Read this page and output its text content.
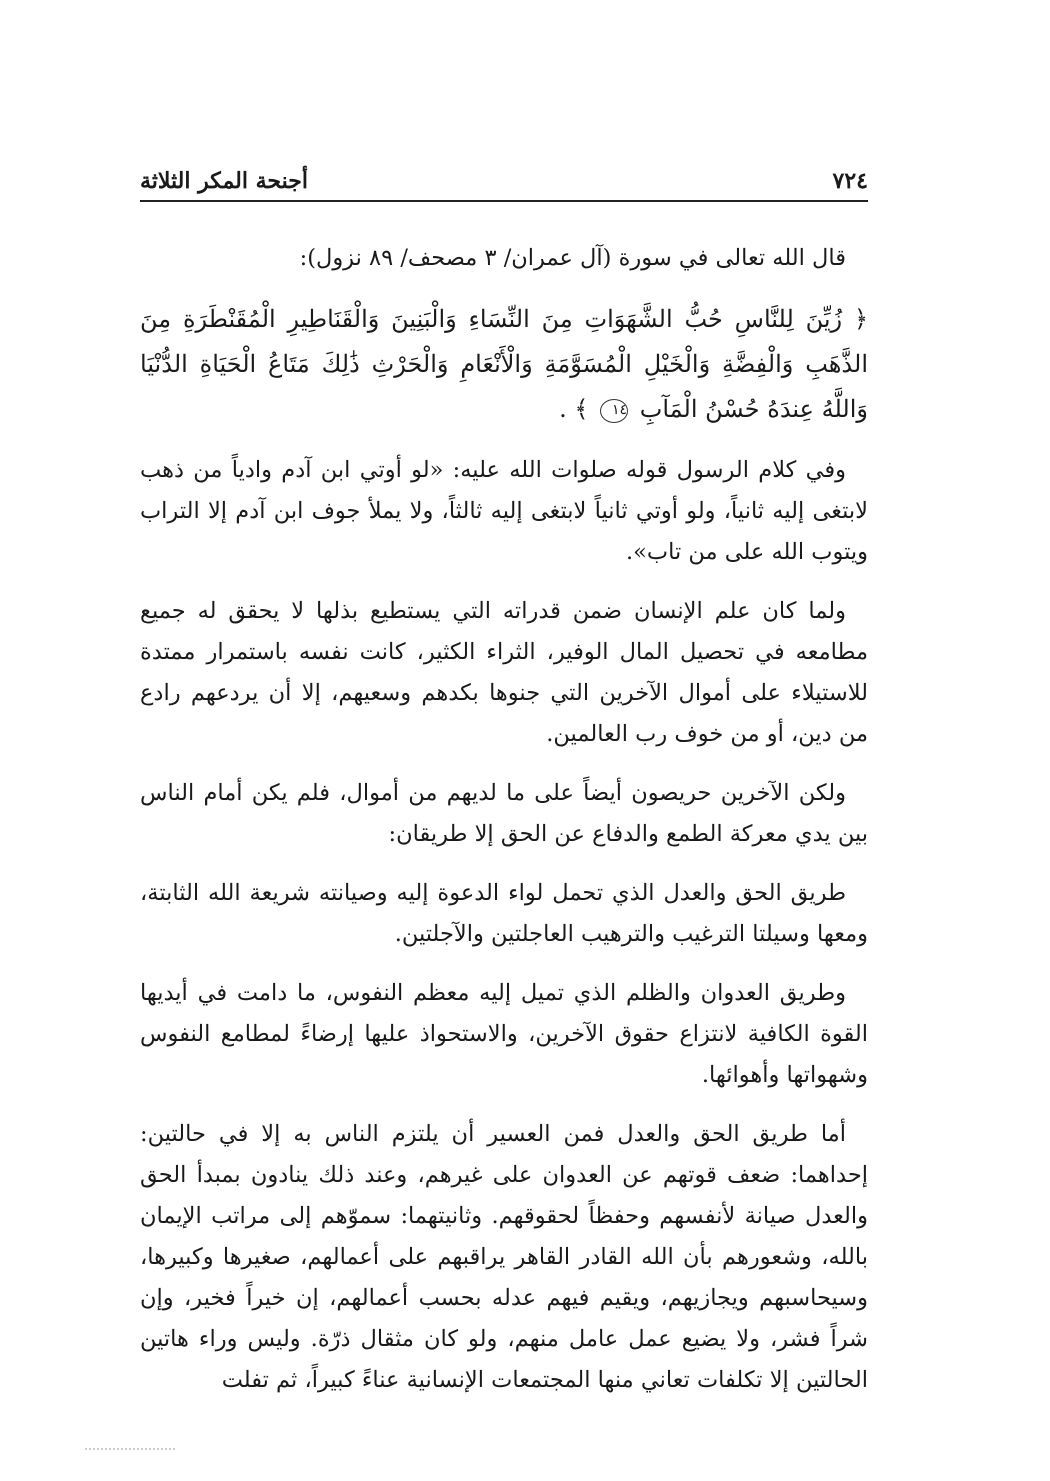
٧٢٤
أجنحة المكر الثلاثة

قال الله تعالى في سورة (آل عمران/ ٣ مصحف/ ٨٩ نزول):

﴿ زُيِّنَ لِلنَّاسِ حُبُّ الشَّهَوَاتِ مِنَ النِّسَاءِ وَالْبَنِينَ وَالْقَنَاطِيرِ الْمُقَنْطَرَةِ مِنَ الذَّهَبِ وَالْفِضَّةِ وَالْخَيْلِ الْمُسَوَّمَةِ وَالْأَنْعَامِ وَالْحَرْثِ ذَٰلِكَ مَتَاعُ الْحَيَاةِ الدُّنْيَا وَاللَّهُ عِندَهُ حُسْنُ الْمَآبِ ١٤ ﴾ .

وفي كلام الرسول قوله صلوات الله عليه: «لو أوتي ابن آدم وادياً من ذهب لابتغى إليه ثانياً، ولو أوتي ثانياً لابتغى إليه ثالثاً، ولا يملأ جوف ابن آدم إلا التراب ويتوب الله على من تاب».

ولما كان علم الإنسان ضمن قدراته التي يستطيع بذلها لا يحقق له جميع مطامعه في تحصيل المال الوفير، الثراء الكثير، كانت نفسه باستمرار ممتدة للاستيلاء على أموال الآخرين التي جنوها بكدهم وسعيهم، إلا أن يردعهم رادع من دين، أو من خوف رب العالمين.

ولكن الآخرين حريصون أيضاً على ما لديهم من أموال، فلم يكن أمام الناس بين يدي معركة الطمع والدفاع عن الحق إلا طريقان:

طريق الحق والعدل الذي تحمل لواء الدعوة إليه وصيانته شريعة الله الثابتة، ومعها وسيلتا الترغيب والترهيب العاجلتين والآجلتين.

وطريق العدوان والظلم الذي تميل إليه معظم النفوس، ما دامت في أيديها القوة الكافية لانتزاع حقوق الآخرين، والاستحواذ عليها إرضاءً لمطامع النفوس وشهواتها وأهوائها.

أما طريق الحق والعدل فمن العسير أن يلتزم الناس به إلا في حالتين: إحداهما: ضعف قوتهم عن العدوان على غيرهم، وعند ذلك ينادون بمبدأ الحق والعدل صيانة لأنفسهم وحفظاً لحقوقهم. وثانيتهما: سموّهم إلى مراتب الإيمان بالله، وشعورهم بأن الله القادر القاهر يراقبهم على أعمالهم، صغيرها وكبيرها، وسيحاسبهم ويجازيهم، ويقيم فيهم عدله بحسب أعمالهم، إن خيراً فخير، وإن شراً فشر، ولا يضيع عمل عامل منهم، ولو كان مثقال ذرّة. وليس وراء هاتين الحالتين إلا تكلفات تعاني منها المجتمعات الإنسانية عناءً كبيراً، ثم تفلت
